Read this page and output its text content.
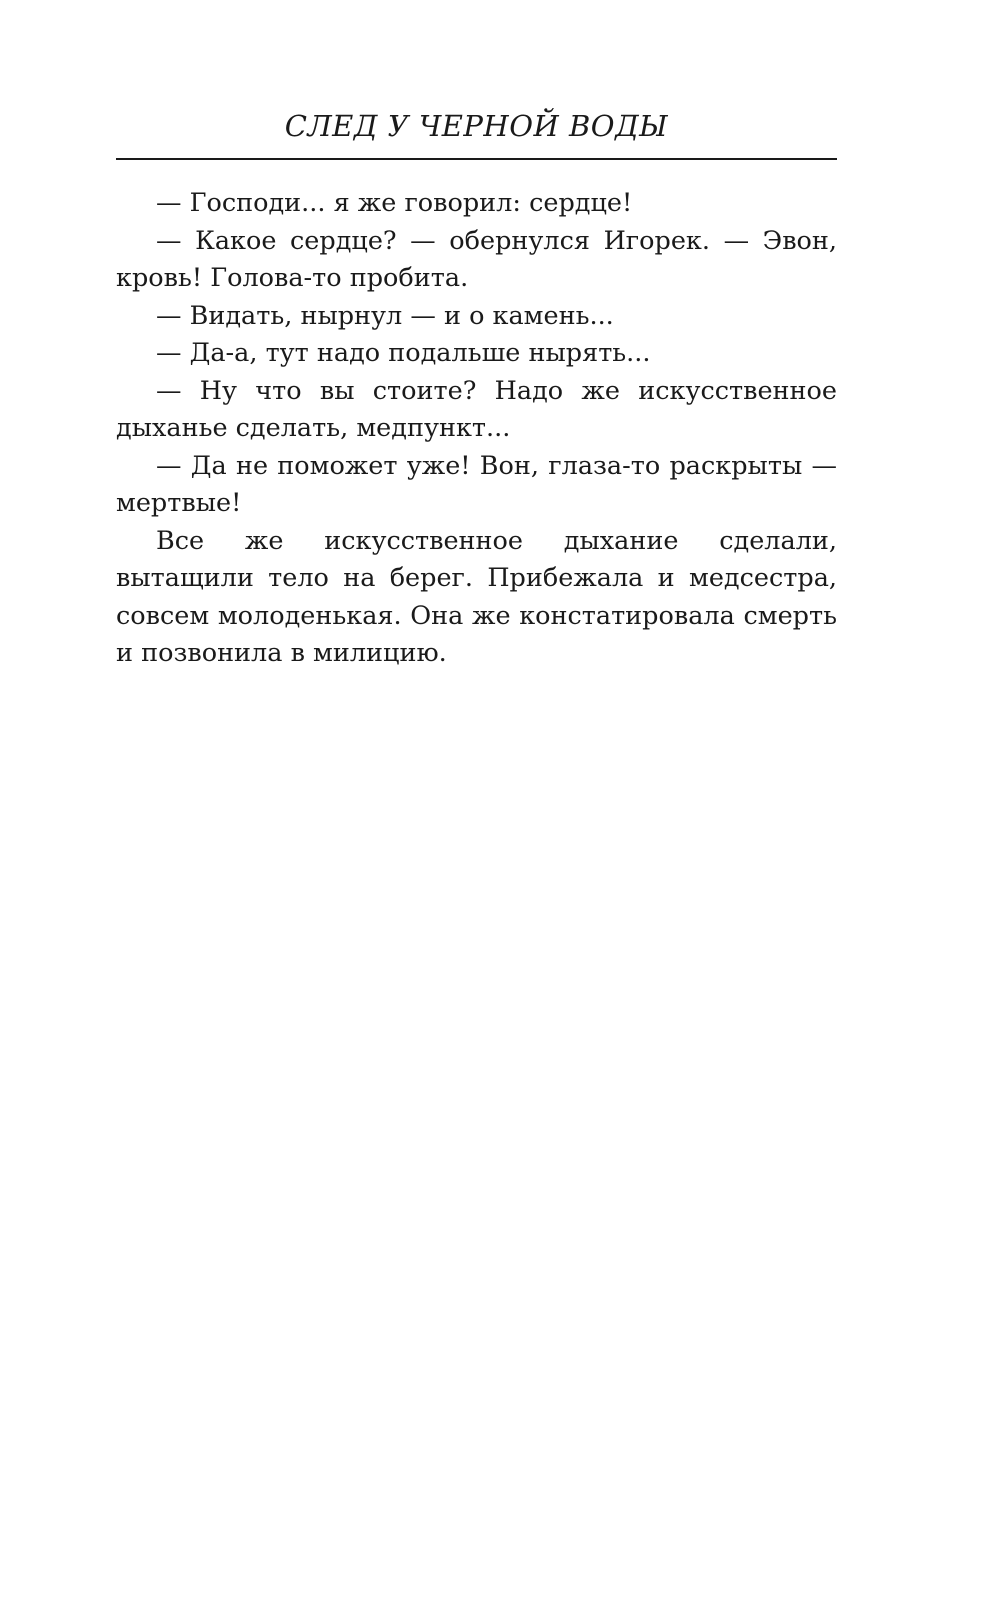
СЛЕД У ЧЕРНОЙ ВОДЫ

— Господи... я же говорил: сердце!

— Какое сердце? — обернулся Игорек. — Эвон, кровь! Голова-то пробита.

— Видать, нырнул — и о камень...

— Да-а, тут надо подальше нырять...

— Ну что вы стоите? Надо же искусственное дыханье сделать, медпункт...

— Да не поможет уже! Вон, глаза-то раскрыты — мертвые!

Все же искусственное дыхание сделали, вытащили тело на берег. Прибежала и медсестра, совсем молоденькая. Она же констатировала смерть и позвонила в милицию.
